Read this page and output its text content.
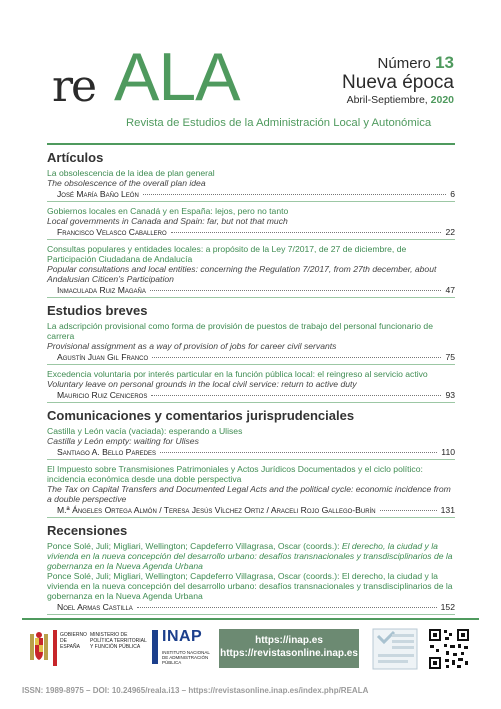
re ALA	Número 13
Nueva época
Abril-Septiembre, 2020
Revista de Estudios de la Administración Local y Autonómica
Artículos
La obsolescencia de la idea de plan general
The obsolescence of the overall plan idea
José María Baño León	6
Gobiernos locales en Canadá y en España: lejos, pero no tanto
Local governments in Canada and Spain: far, but not that much
Francisco Velasco Caballero	22
Consultas populares y entidades locales: a propósito de la Ley 7/2017, de 27 de diciembre, de Participación Ciudadana de Andalucía
Popular consultations and local entities: concerning the Regulation 7/2017, from 27th december, about Andalusian Citicen’s Participation
Inmaculada Ruiz Magaña	47
Estudios breves
La adscripción provisional como forma de provisión de puestos de trabajo del personal funcionario de carrera
Provisional assignment as a way of provision of jobs for career civil servants
Agustín Juan Gil Franco	75
Excedencia voluntaria por interés particular en la función pública local: el reingreso al servicio activo
Voluntary leave on personal grounds in the local civil service: return to active duty
Mauricio Ruiz Ceniceros	93
Comunicaciones y comentarios jurisprudenciales
Castilla y León vacía (vaciada): esperando a Ulises
Castilla y León empty: waiting for Ulises
Santiago A. Bello Paredes	110
El Impuesto sobre Transmisiones Patrimoniales y Actos Jurídicos Documentados y el ciclo político: incidencia económica desde una doble perspectiva
The Tax on Capital Transfers and Documented Legal Acts and the political cycle: economic incidence from a double perspective
M.ª Ángeles Ortega Almón / Teresa Jesús Vílchez Ortiz / Araceli Rojo Gallego-Burín	131
Recensiones
Ponce Solé, Juli; Migliari, Wellington; Capdeferro Villagrasa, Oscar (coords.): El derecho, la ciudad y la vivienda en la nueva concepción del desarrollo urbano: desafíos transnacionales y transdisciplinarios de la gobernanza en la Nueva Agenda Urbana
Ponce Solé, Juli; Migliari, Wellington; Capdeferro Villagrasa, Oscar (coords.): El derecho, la ciudad y la vivienda en la nueva concepción del desarrollo urbano: desafíos transnacionales y transdisciplinarios de la gobernanza en la Nueva Agenda Urbana
Noel Armas Castilla	152
GOBIERNO DE ESPAÑA
MINISTERIO DE POLÍTICA TERRITORIAL Y FUNCIÓN PÚBLICA
INAP
INSTITUTO NACIONAL DE ADMINISTRACIÓN PÚBLICA
https://inap.es
https://revistasonline.inap.es
ISSN: 1989-8975 – DOI: 10.24965/reala.i13 – https://revistasonline.inap.es/index.php/REALA
